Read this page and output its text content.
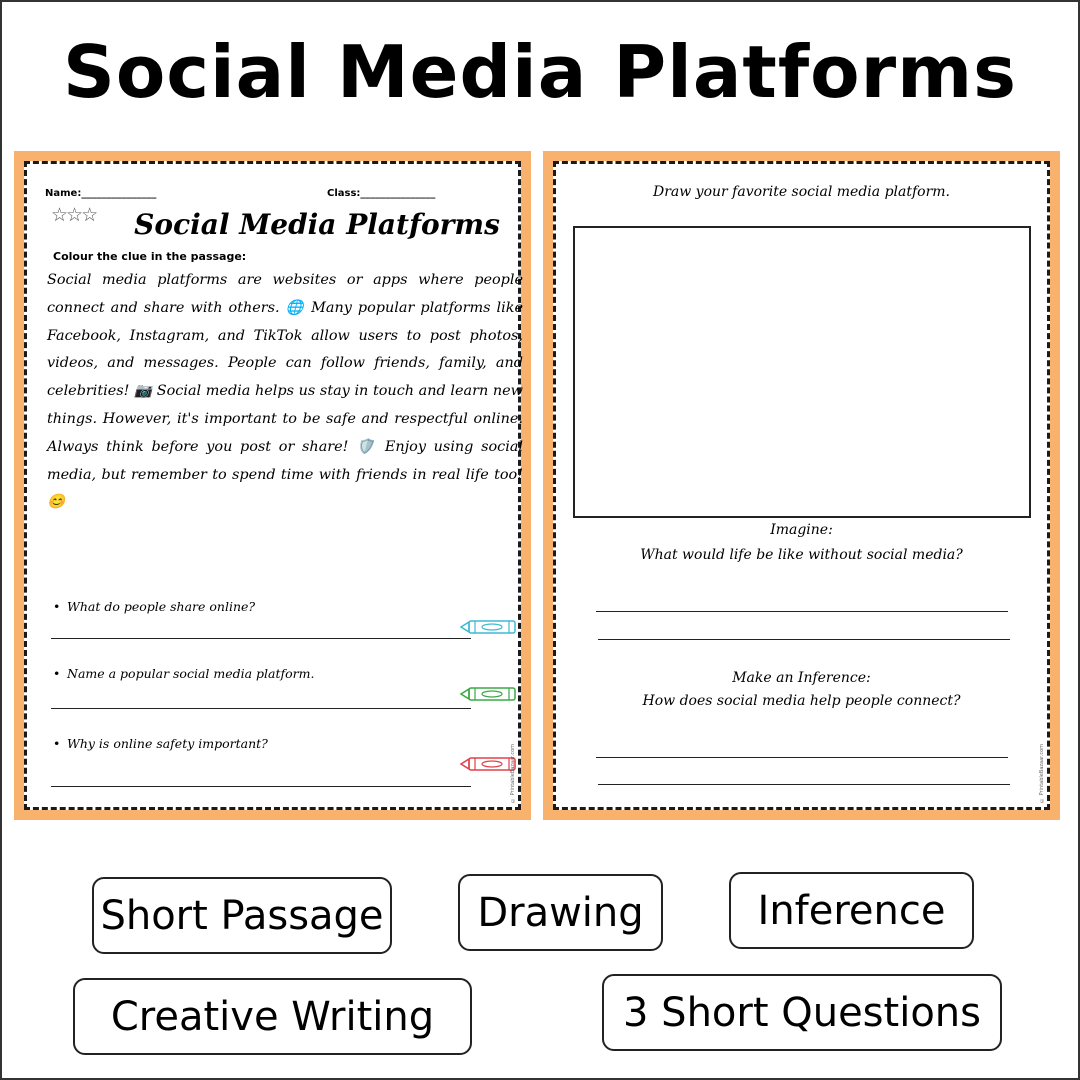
Social Media Platforms
Name:_______________	Class:_______________
☆☆☆	Social Media Platforms
Colour the clue in the passage:

Social media platforms are websites or apps where people connect and share with others. 🌐 Many popular platforms like Facebook, Instagram, and TikTok allow users to post photos, videos, and messages. People can follow friends, family, and celebrities! 📷 Social media helps us stay in touch and learn new things. However, it's important to be safe and respectful online. Always think before you post or share! 🛡️ Enjoy using social media, but remember to spend time with friends in real life too! 😊

• What do people share online?
• Name a popular social media platform.
• Why is online safety important?
© PrintableBazaar.com
Draw your favorite social media platform.
Imagine:
What would life be like without social media?
Make an Inference:
How does social media help people connect?
© PrintableBazaar.com
Short Passage	Drawing	Inference
Creative Writing	3 Short Questions
